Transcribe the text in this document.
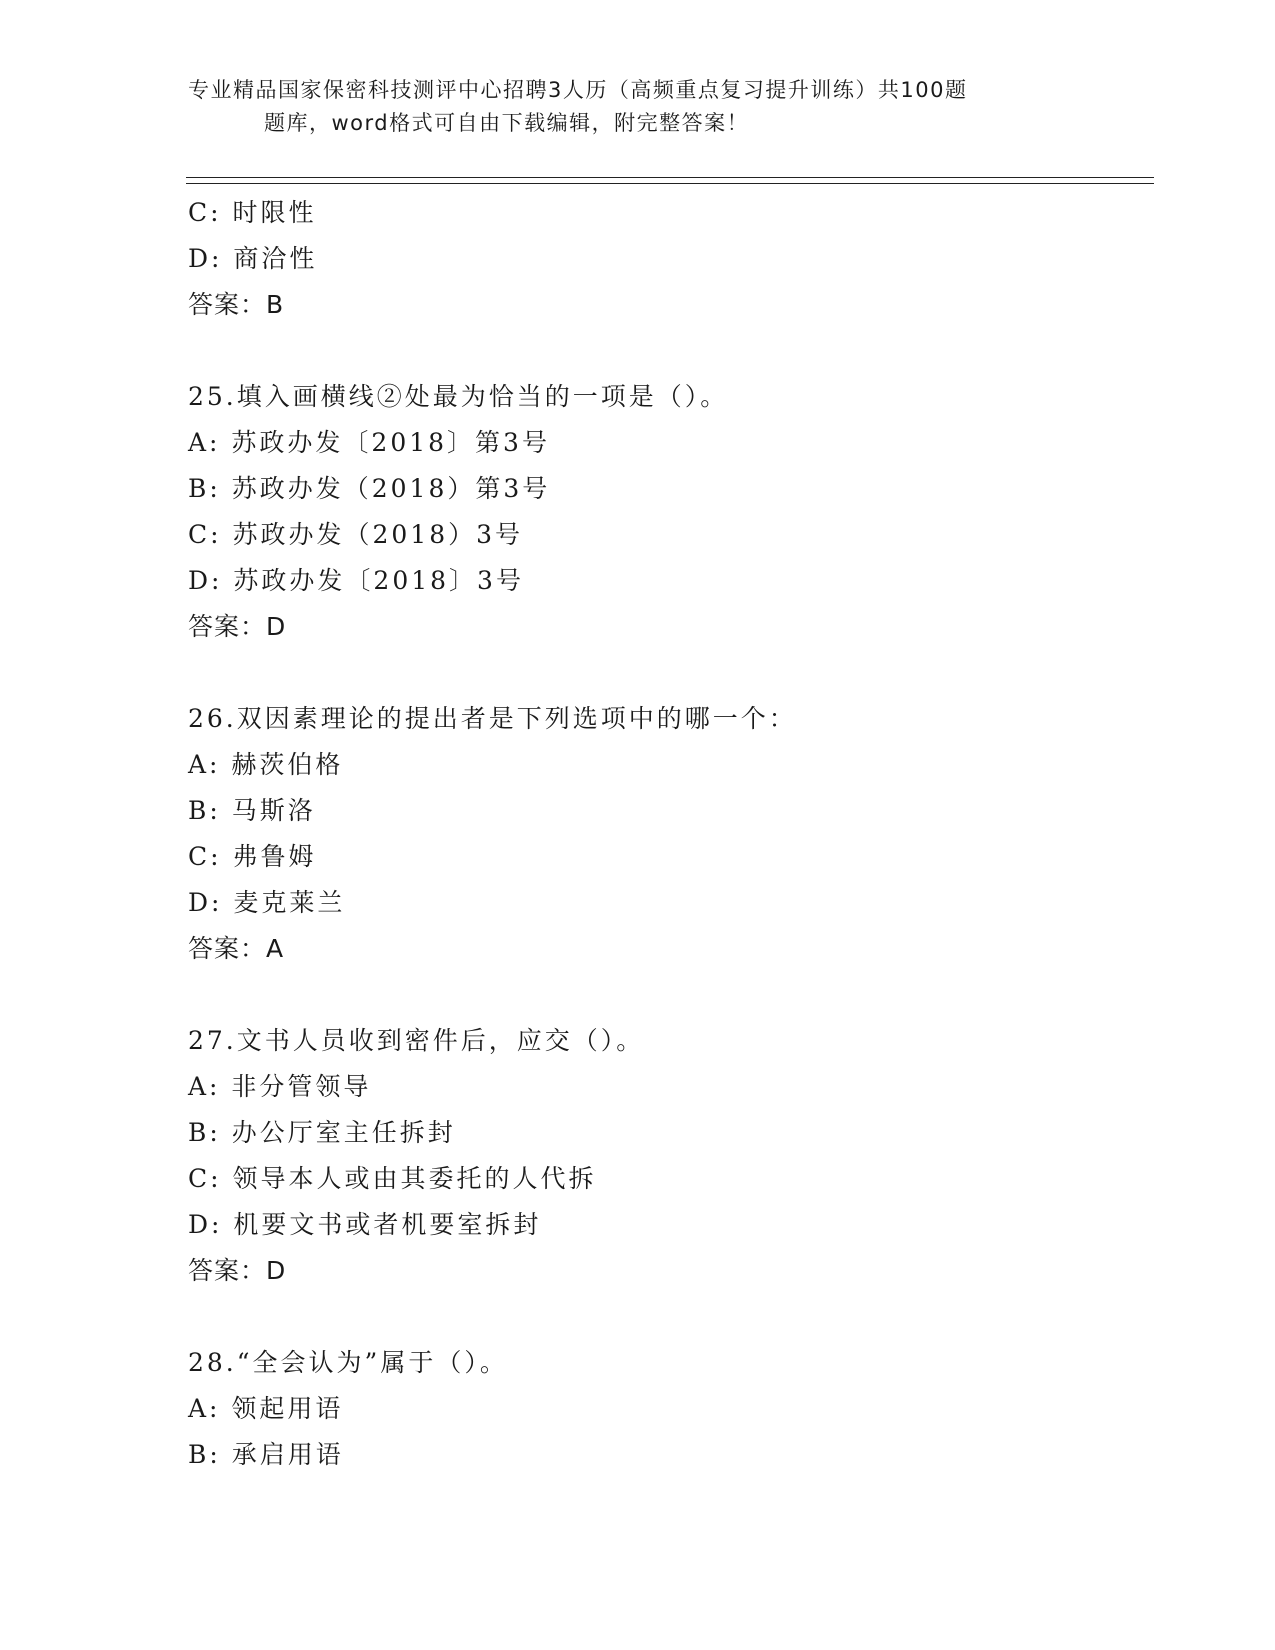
专业精品国家保密科技测评中心招聘3人历（高频重点复习提升训练）共100题
题库，word格式可自由下载编辑，附完整答案！
C: 时限性
D: 商洽性
答案：B
25.填入画横线②处最为恰当的一项是（）。
A: 苏政办发〔2018〕第3号
B: 苏政办发（2018）第3号
C: 苏政办发（2018）3号
D: 苏政办发〔2018〕3号
答案：D
26.双因素理论的提出者是下列选项中的哪一个：
A: 赫茨伯格
B: 马斯洛
C: 弗鲁姆
D: 麦克莱兰
答案：A
27.文书人员收到密件后，应交（）。
A: 非分管领导
B: 办公厅室主任拆封
C: 领导本人或由其委托的人代拆
D: 机要文书或者机要室拆封
答案：D
28.“全会认为”属于（）。
A: 领起用语
B: 承启用语
